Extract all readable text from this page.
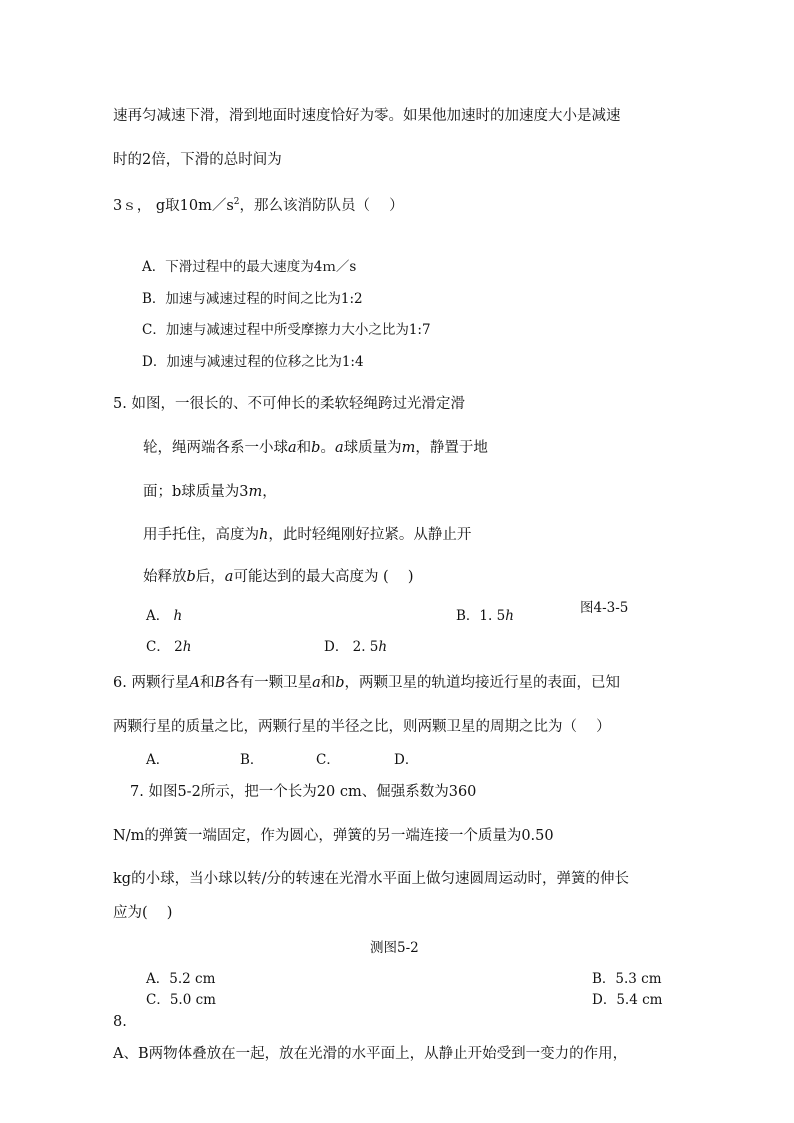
速再匀减速下滑，滑到地面时速度恰好为零。如果他加速时的加速度大小是减速
时的2倍，下滑的总时间为
3ｓ， g取$10m/s^2$，那么该消防队员（　 ）
A．下滑过程中的最大速度为4ｍ／s
B．加速与减速过程的时间之比为1:2
C．加速与减速过程中所受摩擦力大小之比为1:7
D．加速与减速过程的位移之比为1:4
5. 如图，一很长的、不可伸长的柔软轻绳跨过光滑定滑
轮，绳两端各系一小球a和b。a球质量为m，静置于地
面；b球质量为3m，
用手托住，高度为h，此时轻绳刚好拉紧。从静止开
始释放b后，a可能达到的最大高度为 (　 )
A． h	B．1. 5h	图4-3-5
C． 2h	D． 2. 5h
6. 两颗行星A和B各有一颗卫星a和b，两颗卫星的轨道均接近行星的表面，已知
两颗行星的质量之比，两颗行星的半径之比，则两颗卫星的周期之比为（　 ）
A．	B．	C．	D．
7. 如图5-2所示，把一个长为20 cm、倔强系数为360
N/m的弹簧一端固定，作为圆心，弹簧的另一端连接一个质量为0.50
kg的小球，当小球以转/分的转速在光滑水平面上做匀速圆周运动时，弹簧的伸长
应为(　 )
测图5-2
A．5.2 cm	B．5.3 cm
C．5.0 cm	D．5.4 cm
8.
A、B两物体叠放在一起，放在光滑的水平面上，从静止开始受到一变力的作用，
